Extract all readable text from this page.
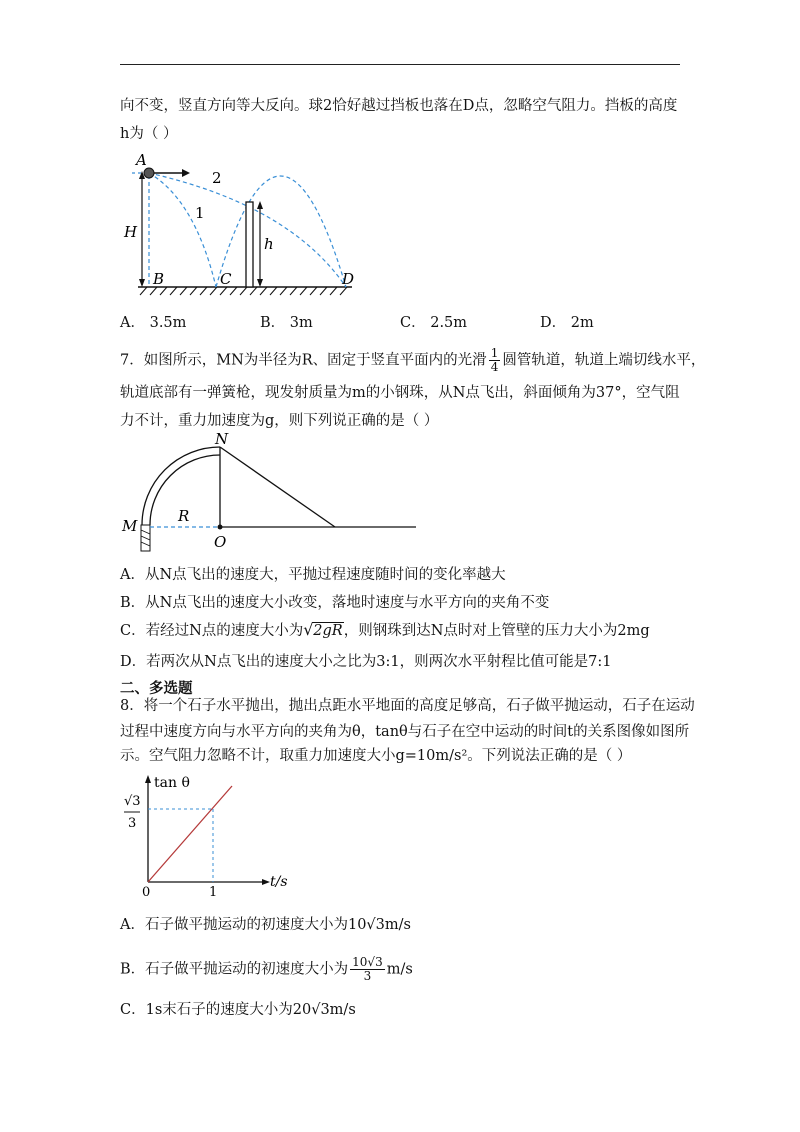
向不变，竖直方向等大反向。球2恰好越过挡板也落在D点，忽略空气阻力。挡板的高度
h为（ ）
A
H
B	C	D
h
1
2
A． 3.5m	B． 3m	C． 2.5m	D． 2m
7．如图所示，MN为半径为R、固定于竖直平面内的光滑 $\frac{1}{4}$ 圆管轨道，轨道上端切线水平，
轨道底部有一弹簧枪，现发射质量为m的小钢珠，从N点飞出，斜面倾角为37°，空气阻
力不计，重力加速度为g，则下列说正确的是（ ）
N
M
R
O
A．从N点飞出的速度大，平抛过程速度随时间的变化率越大
B．从N点飞出的速度大小改变，落地时速度与水平方向的夹角不变
C．若经过N点的速度大小为 √ 2gR，则钢珠到达N点时对上管壁的压力大小为2mg
D．若两次从N点飞出的速度大小之比为3:1，则两次水平射程比值可能是7:1
二、多选题
8．将一个石子水平抛出，抛出点距水平地面的高度足够高，石子做平抛运动，石子在运动
过程中速度方向与水平方向的夹角为θ，tanθ与石子在空中运动的时间t的关系图像如图所
示。空气阻力忽略不计，取重力加速度大小g=10m/s²。下列说法正确的是（ ）
tan θ
t/s
0	1
√3
3
A．石子做平抛运动的初速度大小为10√3m/s
B．石子做平抛运动的初速度大小为 $\frac{10√3}{3} m/s$
C．1s末石子的速度大小为20√3m/s
